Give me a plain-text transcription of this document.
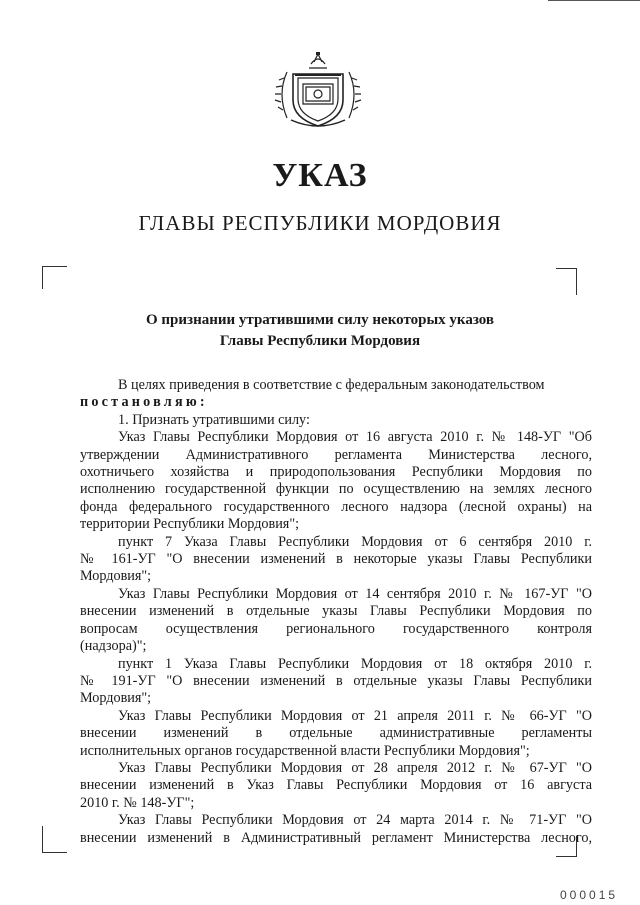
УКАЗ
ГЛАВЫ РЕСПУБЛИКИ МОРДОВИЯ
О признании утратившими силу некоторых указов
Главы Республики Мордовия
В целях приведения в соответствие с федеральным законодательством
постановляю:
1. Признать утратившими силу:
Указ Главы Республики Мордовия от 16 августа 2010 г. № 148-УГ "Об
утверждении Административного регламента Министерства лесного,
охотничьего хозяйства и природопользования Республики Мордовия по
исполнению государственной функции по осуществлению на землях лесного
фонда федерального государственного лесного надзора (лесной охраны) на
территории Республики Мордовия";
пункт 7 Указа Главы Республики Мордовия от 6 сентября 2010 г.
№ 161-УГ "О внесении изменений в некоторые указы Главы Республики
Мордовия";
Указ Главы Республики Мордовия от 14 сентября 2010 г. № 167-УГ "О
внесении изменений в отдельные указы Главы Республики Мордовия по
вопросам осуществления регионального государственного контроля
(надзора)";
пункт 1 Указа Главы Республики Мордовия от 18 октября 2010 г.
№ 191-УГ "О внесении изменений в отдельные указы Главы Республики
Мордовия";
Указ Главы Республики Мордовия от 21 апреля 2011 г. № 66-УГ "О
внесении изменений в отдельные административные регламенты
исполнительных органов государственной власти Республики Мордовия";
Указ Главы Республики Мордовия от 28 апреля 2012 г. № 67-УГ "О
внесении изменений в Указ Главы Республики Мордовия от 16 августа
2010 г. № 148-УГ";
Указ Главы Республики Мордовия от 24 марта 2014 г. № 71-УГ "О
внесении изменений в Административный регламент Министерства лесного,
000015
